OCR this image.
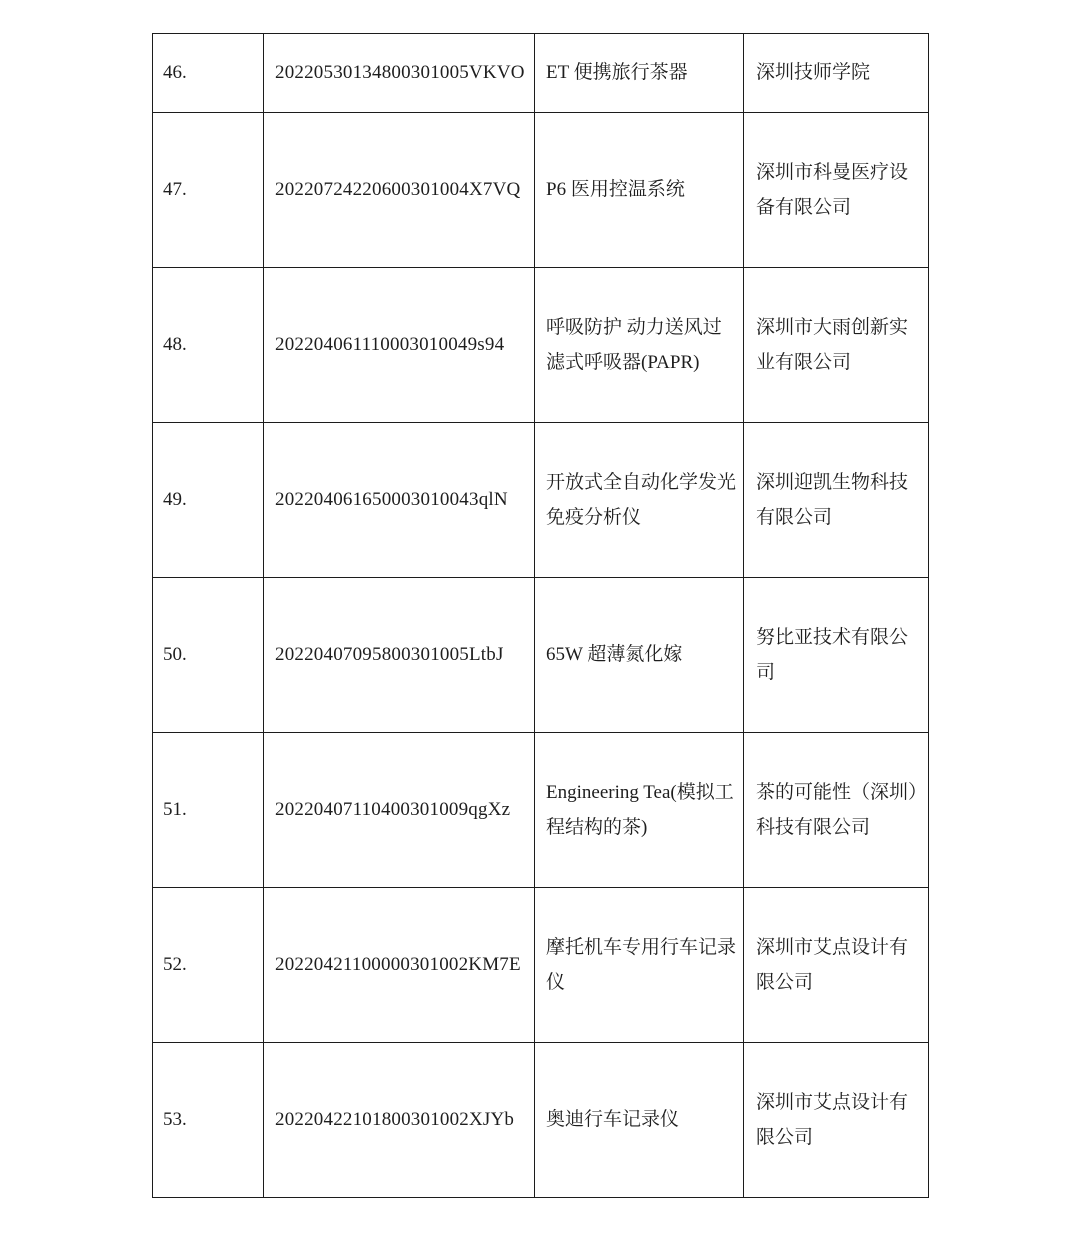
46.	20220530134800301005VKVO	ET 便携旅行茶器	深圳技师学院
47.	20220724220600301004X7VQ	P6 医用控温系统	深圳市科曼医疗设备有限公司
48.	202204061110003010049s94	呼吸防护 动力送风过滤式呼吸器(PAPR)	深圳市大雨创新实业有限公司
49.	202204061650003010043qlN	开放式全自动化学发光免疫分析仪	深圳迎凯生物科技有限公司
50.	20220407095800301005LtbJ	65W 超薄氮化嫁	努比亚技术有限公司
51.	20220407110400301009qgXz	Engineering Tea(模拟工程结构的茶)	茶的可能性（深圳）科技有限公司
52.	20220421100000301002KM7E	摩托机车专用行车记录仪	深圳市艾点设计有限公司
53.	20220422101800301002XJYb	奥迪行车记录仪	深圳市艾点设计有限公司
